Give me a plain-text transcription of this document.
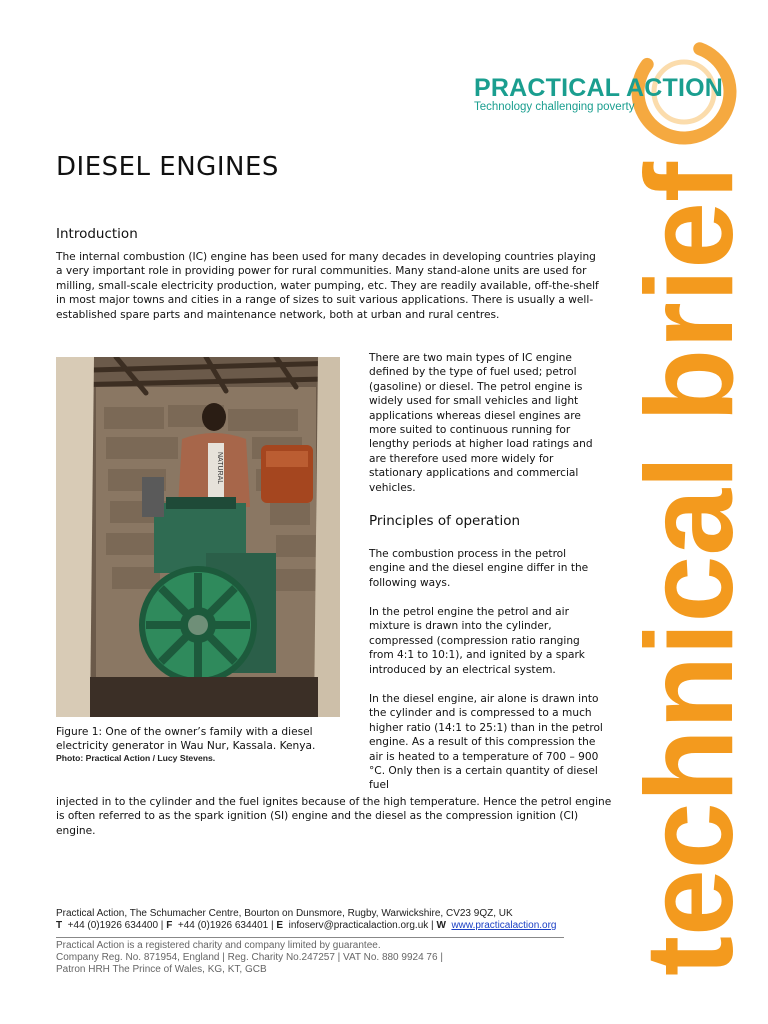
PRACTICAL ACTION
Technology challenging poverty
technical brief
DIESEL ENGINES
Introduction
The internal combustion (IC) engine has been used for many decades in developing countries playing a very important role in providing power for rural communities. Many stand-alone units are used for milling, small-scale electricity production, water pumping, etc. They are readily available, off-the-shelf in most major towns and cities in a range of sizes to suit various applications. There is usually a well-established spare parts and maintenance network, both at urban and rural centres.
NATURAL
Figure 1: One of the owner’s family with a diesel electricity generator in Wau Nur, Kassala. Kenya.
Photo: Practical Action / Lucy Stevens.
There are two main types of IC engine defined by the type of fuel used; petrol (gasoline) or diesel. The petrol engine is widely used for small vehicles and light applications whereas diesel engines are more suited to continuous running for lengthy periods at higher load ratings and are therefore used more widely for stationary applications and commercial vehicles.
Principles of operation
The combustion process in the petrol engine and the diesel engine differ in the following ways.
In the petrol engine the petrol and air mixture is drawn into the cylinder, compressed (compression ratio ranging from 4:1 to 10:1), and ignited by a spark introduced by an electrical system.
In the diesel engine, air alone is drawn into the cylinder and is compressed to a much higher ratio (14:1 to 25:1) than in the petrol engine. As a result of this compression the air is heated to a temperature of 700 – 900 °C. Only then is a certain quantity of diesel fuel
injected in to the cylinder and the fuel ignites because of the high temperature. Hence the petrol engine is often referred to as the spark ignition (SI) engine and the diesel as the compression ignition (CI) engine.
Practical Action, The Schumacher Centre, Bourton on Dunsmore, Rugby, Warwickshire, CV23 9QZ, UK
T +44 (0)1926 634400 | F +44 (0)1926 634401 | E infoserv@practicalaction.org.uk | W www.practicalaction.org
Practical Action is a registered charity and company limited by guarantee.
Company Reg. No. 871954, England | Reg. Charity No.247257 | VAT No. 880 9924 76 |
Patron HRH The Prince of Wales, KG, KT, GCB
